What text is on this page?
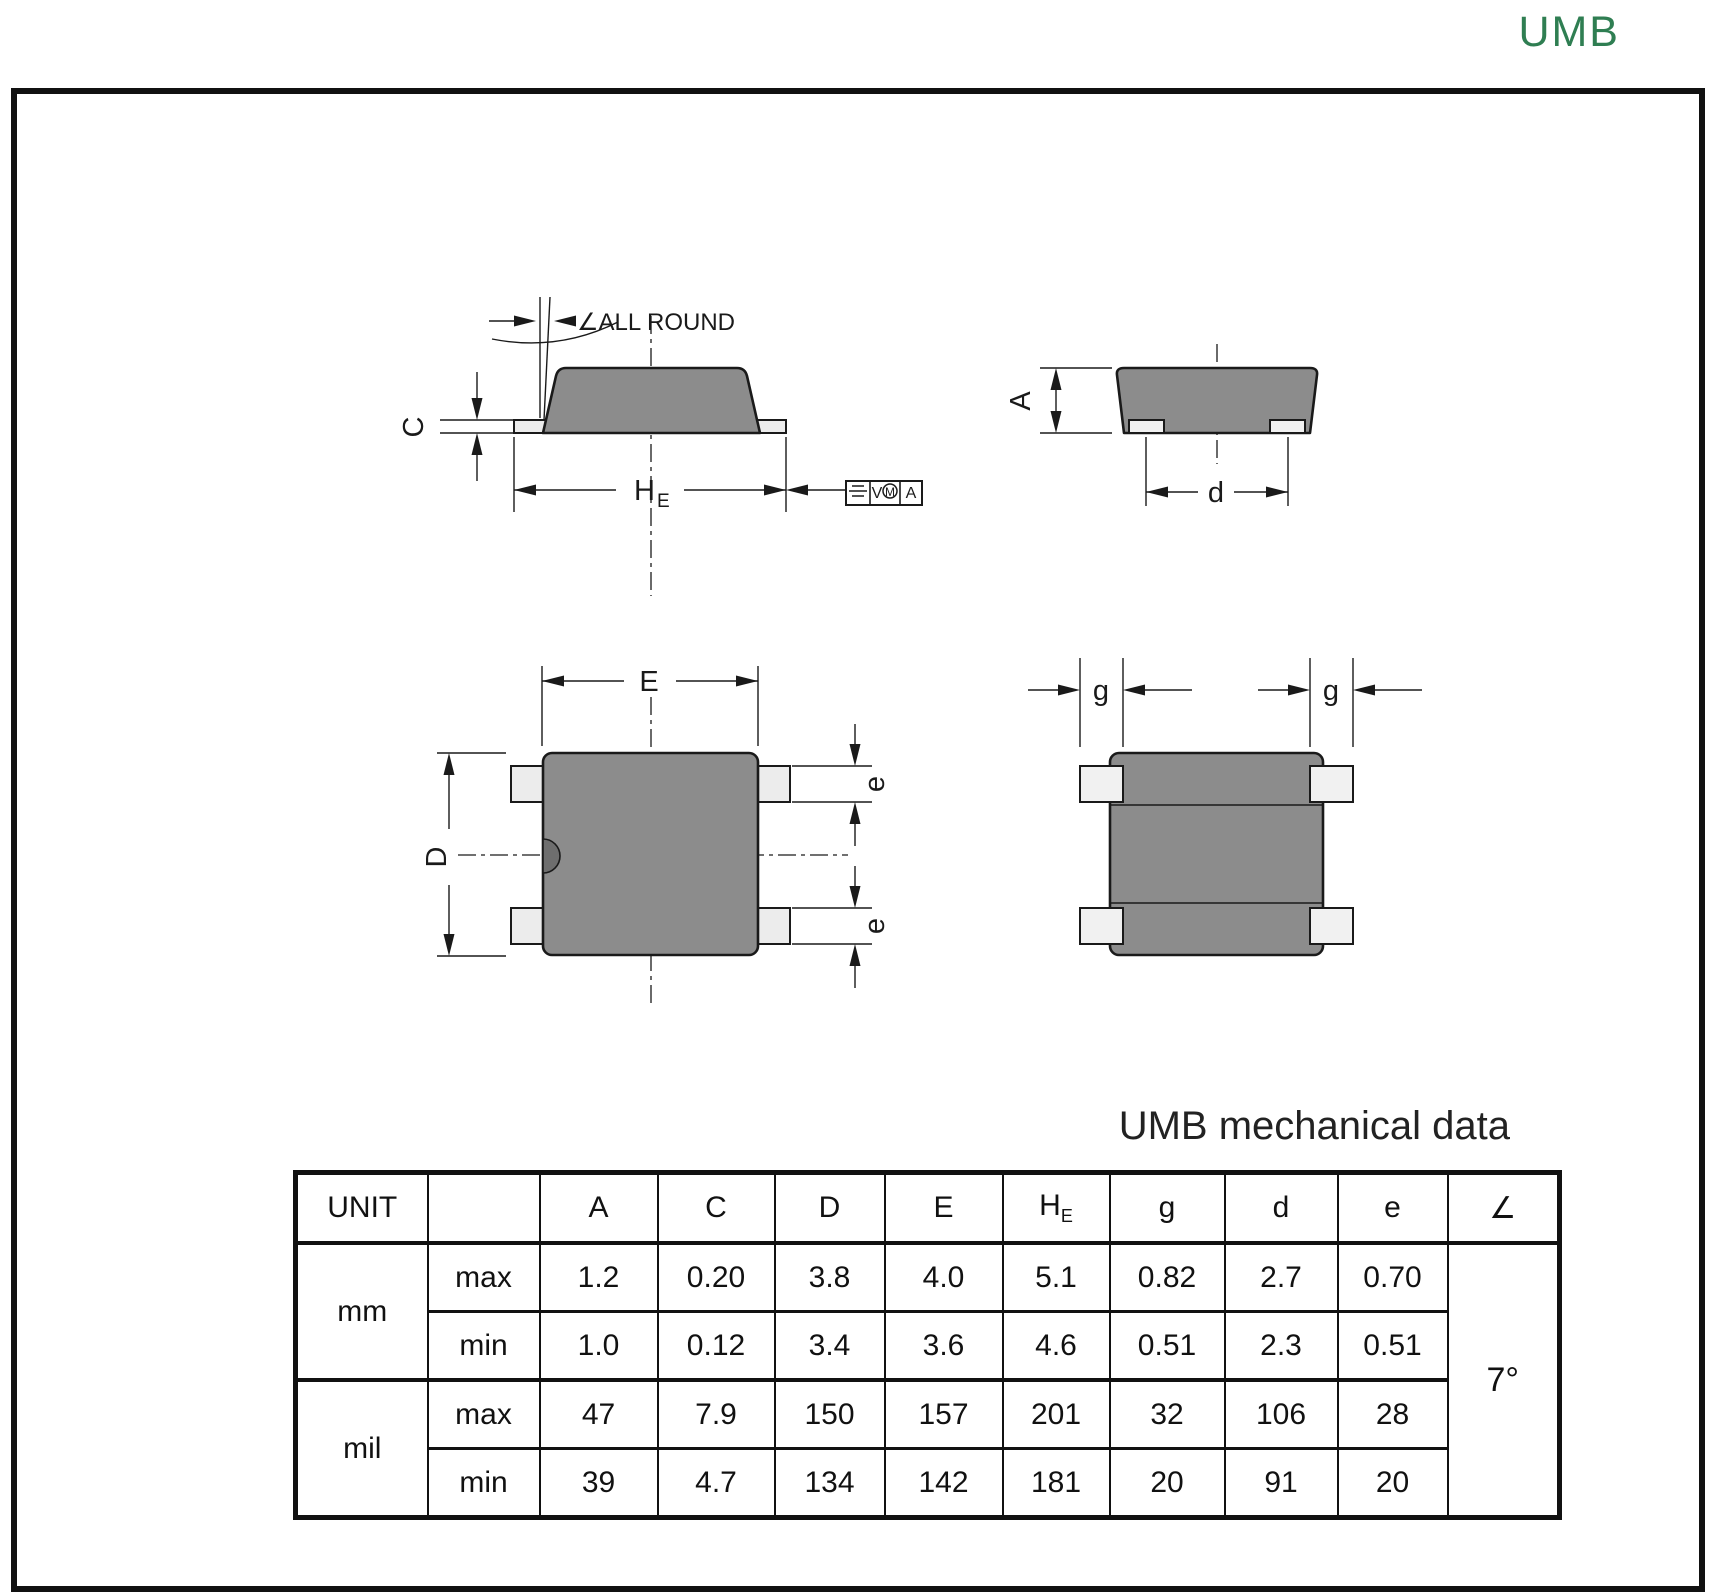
UMB
C
∠ALL ROUND
H E	V M A
A
d
E
D
e
e
g	g
UMB mechanical data
UNIT		A	C	D	E	$H_E$	g	d	e	∠
mm	max	1.2	0.20	3.8	4.0	5.1	0.82	2.7	0.70	7°
	min	1.0	0.12	3.4	3.6	4.6	0.51	2.3	0.51	
mil	max	47	7.9	150	157	201	32	106	28	
	min	39	4.7	134	142	181	20	91	20	
